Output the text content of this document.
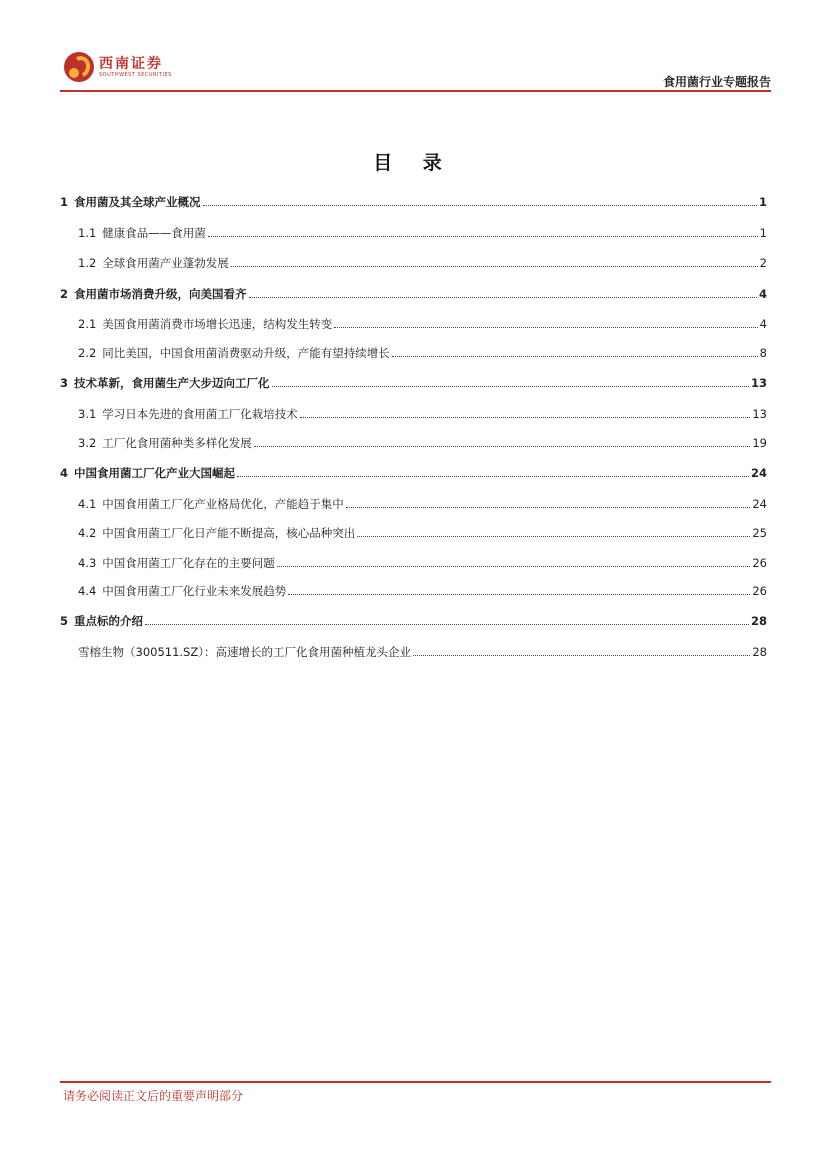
西南证券
SOUTHWEST SECURITIES
食用菌行业专题报告
目 录
1 食用菌及其全球产业概况	1
1.1 健康食品——食用菌	1
1.2 全球食用菌产业蓬勃发展	2
2 食用菌市场消费升级，向美国看齐	4
2.1 美国食用菌消费市场增长迅速，结构发生转变	4
2.2 同比美国，中国食用菌消费驱动升级，产能有望持续增长	8
3 技术革新，食用菌生产大步迈向工厂化	13
3.1 学习日本先进的食用菌工厂化栽培技术	13
3.2 工厂化食用菌种类多样化发展	19
4 中国食用菌工厂化产业大国崛起	24
4.1 中国食用菌工厂化产业格局优化，产能趋于集中	24
4.2 中国食用菌工厂化日产能不断提高，核心品种突出	25
4.3 中国食用菌工厂化存在的主要问题	26
4.4 中国食用菌工厂化行业未来发展趋势	26
5 重点标的介绍	28
雪榕生物（300511.SZ）：高速增长的工厂化食用菌种植龙头企业	28
请务必阅读正文后的重要声明部分
